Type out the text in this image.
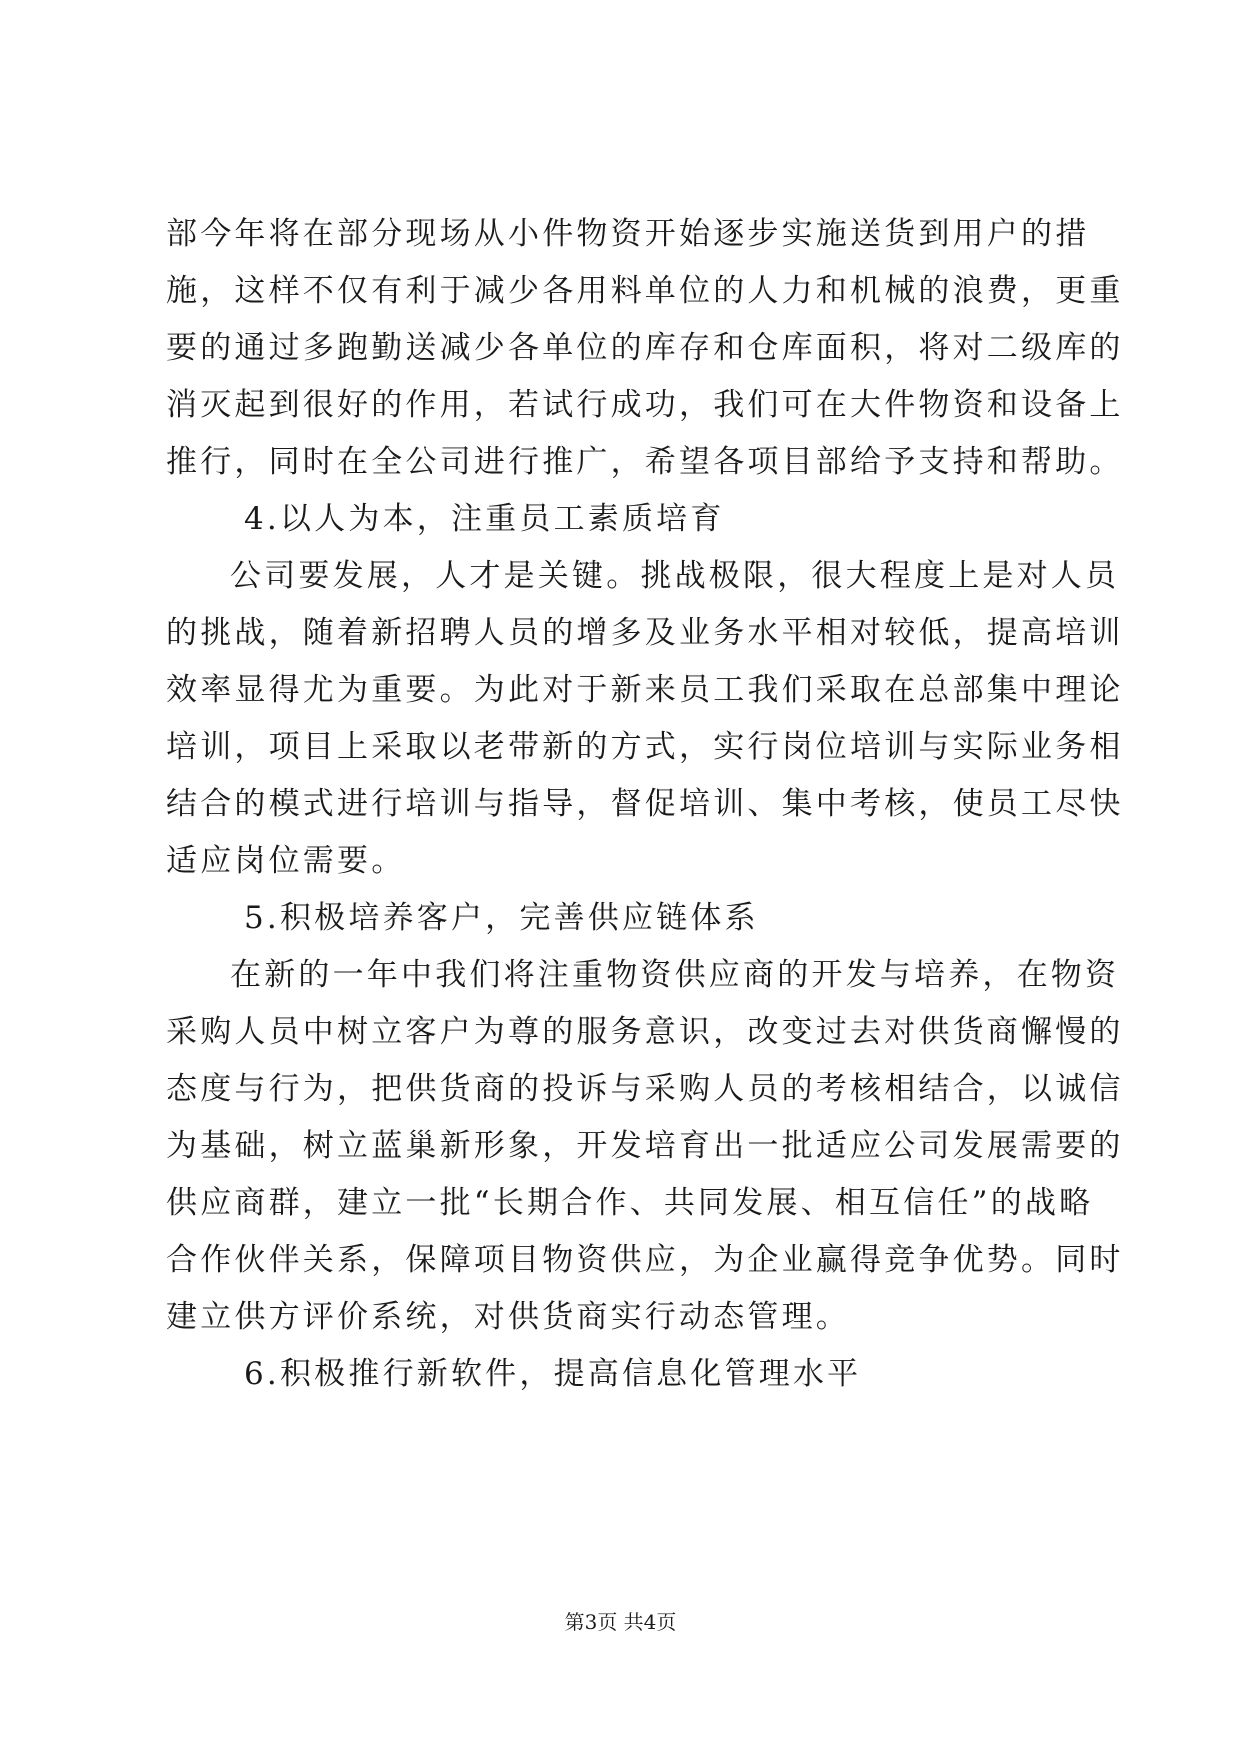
部今年将在部分现场从小件物资开始逐步实施送货到用户的措
施，这样不仅有利于减少各用料单位的人力和机械的浪费，更重
要的通过多跑勤送减少各单位的库存和仓库面积，将对二级库的
消灭起到很好的作用，若试行成功，我们可在大件物资和设备上
推行，同时在全公司进行推广，希望各项目部给予支持和帮助。
4.以人为本，注重员工素质培育
公司要发展，人才是关键。挑战极限，很大程度上是对人员
的挑战，随着新招聘人员的增多及业务水平相对较低，提高培训
效率显得尤为重要。为此对于新来员工我们采取在总部集中理论
培训，项目上采取以老带新的方式，实行岗位培训与实际业务相
结合的模式进行培训与指导，督促培训、集中考核，使员工尽快
适应岗位需要。
5.积极培养客户，完善供应链体系
在新的一年中我们将注重物资供应商的开发与培养，在物资
采购人员中树立客户为尊的服务意识，改变过去对供货商懈慢的
态度与行为，把供货商的投诉与采购人员的考核相结合，以诚信
为基础，树立蓝巢新形象，开发培育出一批适应公司发展需要的
供应商群，建立一批“长期合作、共同发展、相互信任”的战略
合作伙伴关系，保障项目物资供应，为企业赢得竞争优势。同时
建立供方评价系统，对供货商实行动态管理。
6.积极推行新软件，提高信息化管理水平
第3页 共4页
